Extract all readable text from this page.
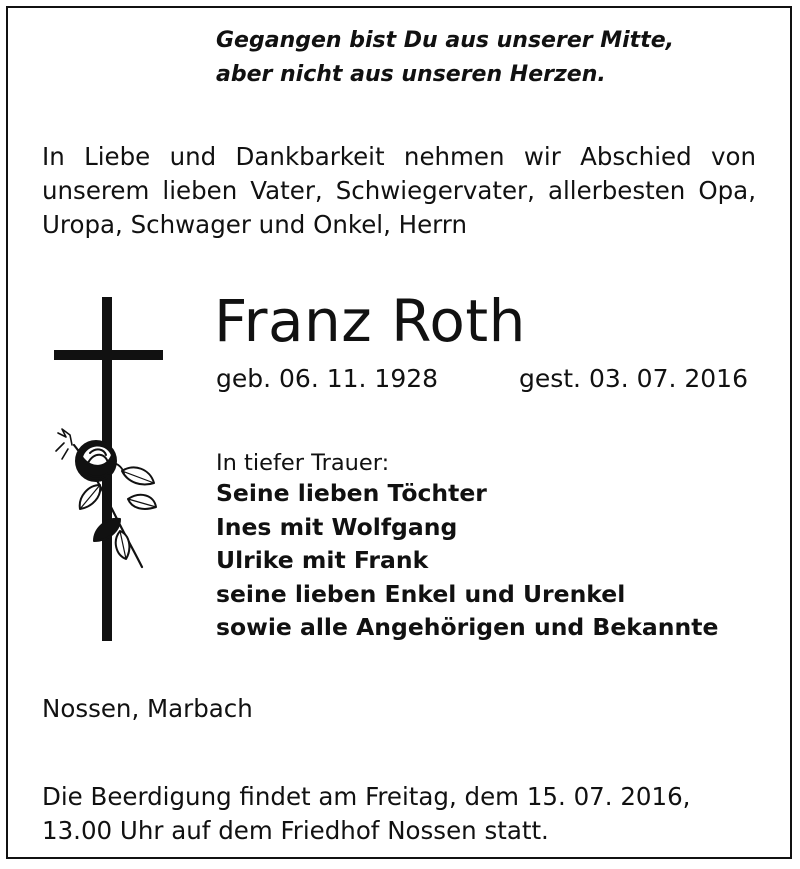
Gegangen bist Du aus unserer Mitte,
aber nicht aus unseren Herzen.
In Liebe und Dankbarkeit nehmen wir Abschied von unserem lieben Vater, Schwiegervater, allerbesten Opa, Uropa, Schwager und Onkel, Herrn
Franz Roth
geb. 06. 11. 1928	gest. 03. 07. 2016
In tiefer Trauer:
Seine lieben Töchter
Ines mit Wolfgang
Ulrike mit Frank
seine lieben Enkel und Urenkel
sowie alle Angehörigen und Bekannte
Nossen, Marbach
Die Beerdigung findet am Freitag, dem 15. 07. 2016,
13.00 Uhr auf dem Friedhof Nossen statt.
